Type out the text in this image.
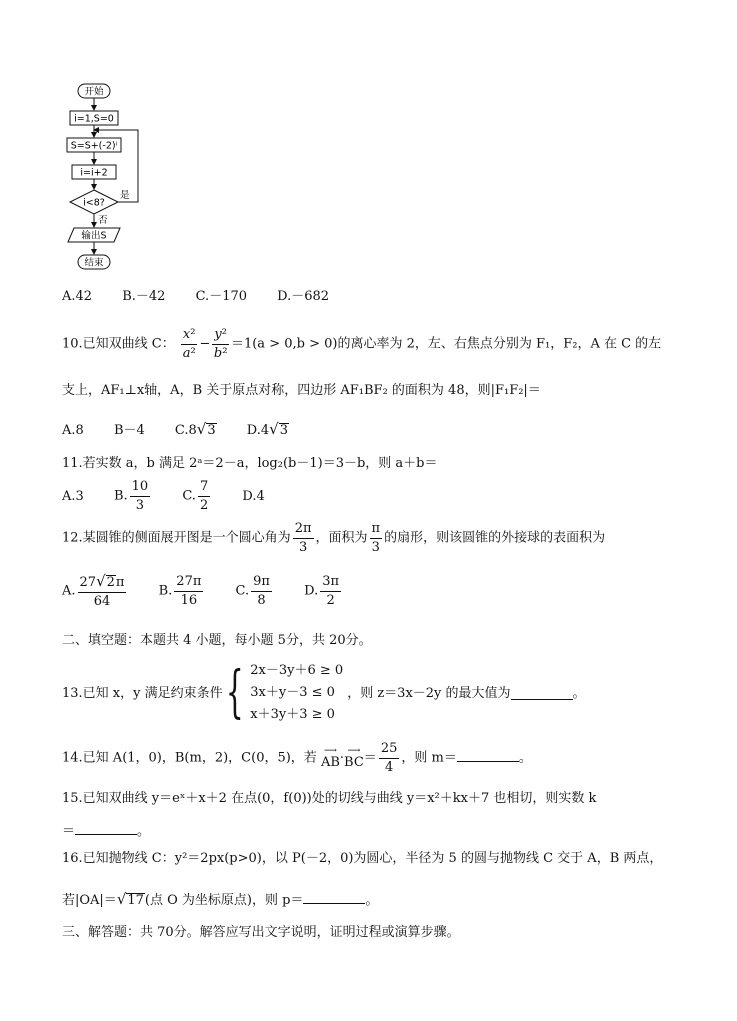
开始
i=1,S=0
S=S+(-2)ⁱ
i=i+2
i<8?
是
否
输出S
结束
A.42 B.－42 C.－170 D.－682
10.已知双曲线 C： $\frac{\text{x²}}{\text{a²}} - \frac{\text{y²}}{\text{b²}} =1(a > 0,b > 0)$的离心率为 2，左、右焦点分别为 F₁，F₂，A 在 C 的左
支上，AF₁⊥x轴，A，B 关于原点对称，四边形 AF₁BF₂ 的面积为 48，则|F₁F₂|＝
A.8 B－4 C.8√3 D.4√3
11.若实数 a，b 满足 2ᵃ＝2－a，log₂(b－1)＝3－b，则 a＋b＝
A.3 B. $\frac{10}{3} C$. $\frac{7}{2} D.4$
12.某圆锥的侧面展开图是一个圆心角为 $\frac{2\pi}{3}$ ，面积为 $\frac{\pi}{3}$ 的扇形，则该圆锥的外接球的表面积为
A. $\frac{27√2\pi}{64} B$. $\frac{27\pi}{16} C$. $\frac{9\pi}{8} D$. $\frac{3\pi}{2}$
二、填空题：本题共 4 小题，每小题 5分，共 20分。
13.已知 x，y 满足约束条件 { 2x－3y＋6 ≥ 0
3x＋y－3 ≤ 0
x＋3y＋3 ≥ 0
，则 z＝3x－2y 的最大值为	。
14.已知 A(1，0)，B(m，2)，C(0，5)，若 ⟶
AB· ⟶
$BC= \frac{25}{4}$ ，则 m＝	。
15.已知双曲线 y＝eˣ＋x＋2 在点(0，f(0))处的切线与曲线 y＝x²＋kx＋7 也相切，则实数 k
＝	。
16.已知抛物线 C：y²＝2px(p>0)，以 P(－2，0)为圆心，半径为 5 的圆与抛物线 C 交于 A，B 两点，
若|OA|＝√17(点 O 为坐标原点)，则 p＝	。
三、解答题：共 70分。解答应写出文字说明，证明过程或演算步骤。
